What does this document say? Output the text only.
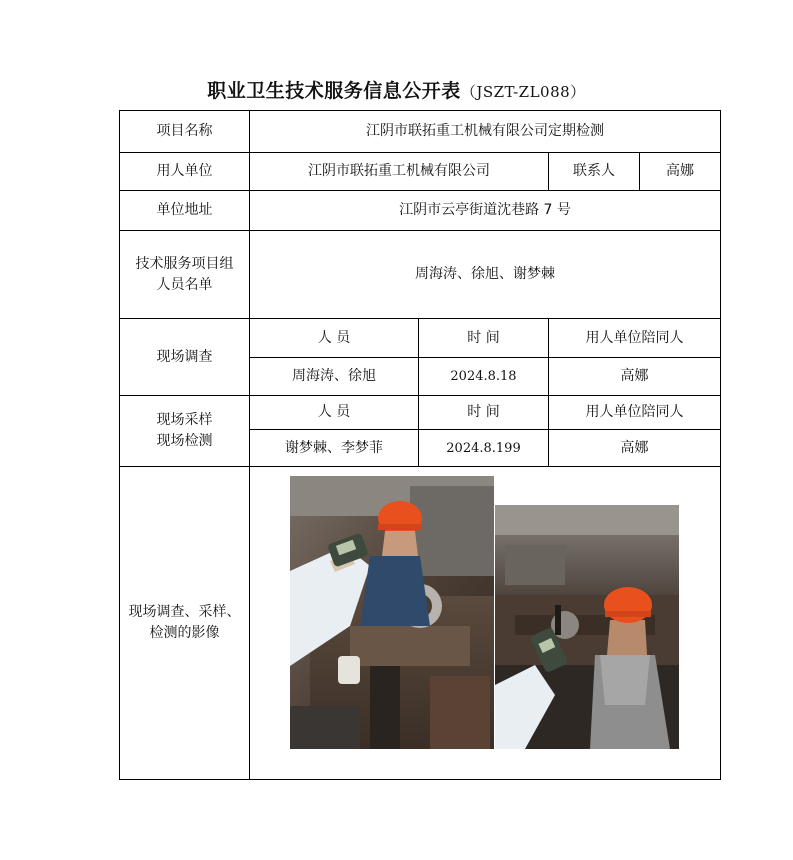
职业卫生技术服务信息公开表（JSZT-ZL088）
项目名称	江阴市联拓重工机械有限公司定期检测			
用人单位	江阴市联拓重工机械有限公司		联系人	高娜
单位地址	江阴市云亭街道沈巷路 7 号			

技术服务项目组
人员名单	周海涛、徐旭、谢梦棘			
现场调查	人 员	时 间	用人单位陪同人	
	周海涛、徐旭	2024.8.18	高娜	

现场采样
现场检测	人 员	时 间	用人单位陪同人	
	谢梦棘、李梦菲	2024.8.199	高娜	

现场调查、采样、
检测的影像
